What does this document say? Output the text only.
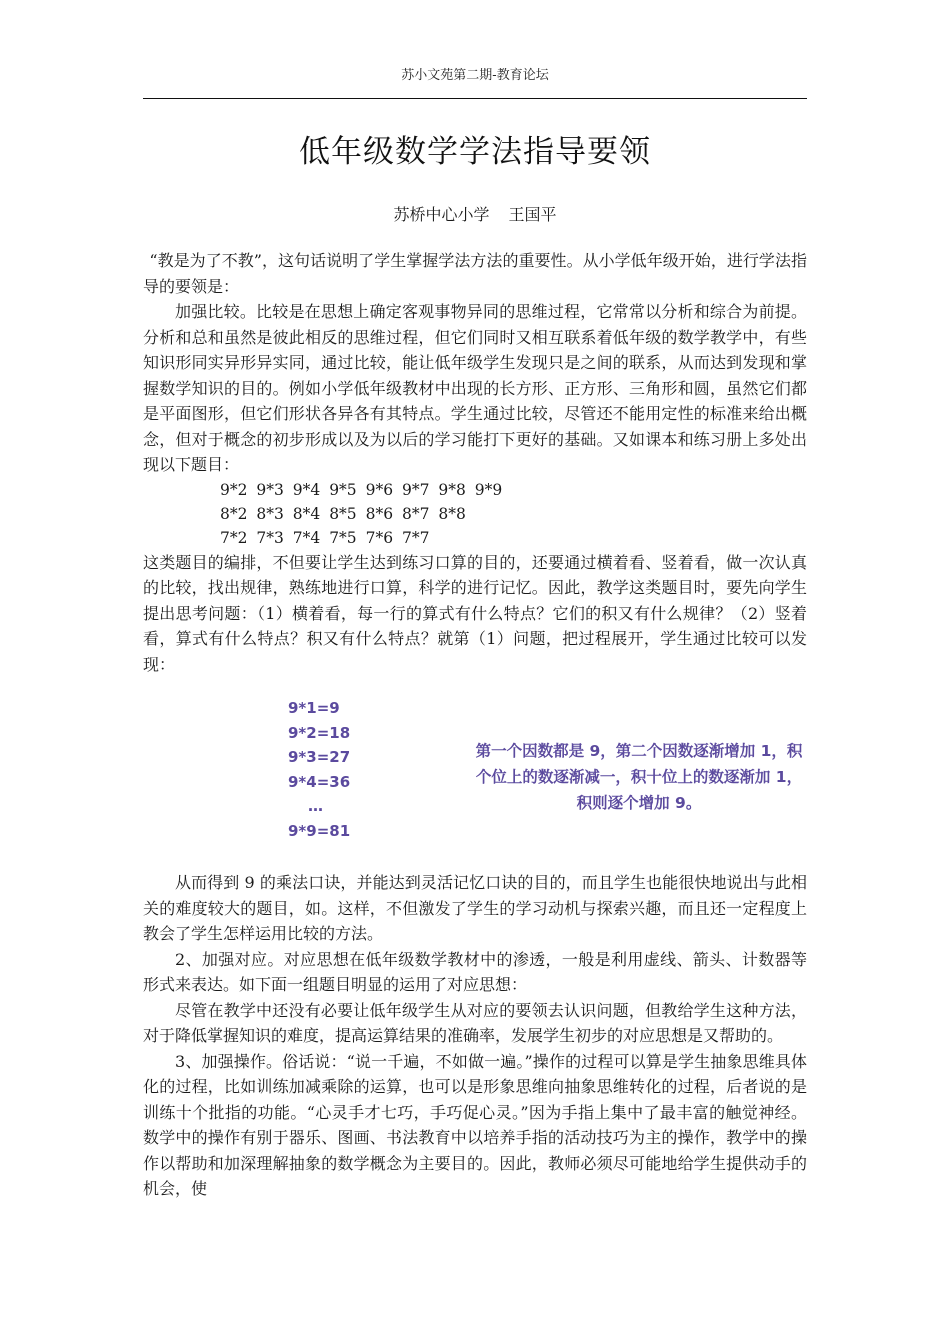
苏小文苑第二期-教育论坛
低年级数学学法指导要领
苏桥中心小学 王国平

“教是为了不教”，这句话说明了学生掌握学法方法的重要性。从小学低年级开始，进行学法指导的要领是：

加强比较。比较是在思想上确定客观事物异同的思维过程，它常常以分析和综合为前提。分析和总和虽然是彼此相反的思维过程，但它们同时又相互联系着低年级的数学教学中，有些知识形同实异形异实同，通过比较，能让低年级学生发现只是之间的联系，从而达到发现和掌握数学知识的目的。例如小学低年级教材中出现的长方形、正方形、三角形和圆，虽然它们都是平面图形，但它们形状各异各有其特点。学生通过比较，尽管还不能用定性的标准来给出概念，但对于概念的初步形成以及为以后的学习能打下更好的基础。又如课本和练习册上多处出现以下题目：

9*2 9*3 9*4 9*5 9*6 9*7 9*8 9*9
8*2 8*3 8*4 8*5 8*6 8*7 8*8
7*2 7*3 7*4 7*5 7*6 7*7

这类题目的编排，不但要让学生达到练习口算的目的，还要通过横着看、竖着看，做一次认真的比较，找出规律，熟练地进行口算，科学的进行记忆。因此，教学这类题目时，要先向学生提出思考问题：（1）横着看，每一行的算式有什么特点？它们的积又有什么规律？（2）竖着看，算式有什么特点？积又有什么特点？就第（1）问题，把过程展开，学生通过比较可以发现：

9*1=9
9*2=18
9*3=27
9*4=36
…
9*9=81
第一个因数都是 9，第二个因数逐渐增加 1，积个位上的数逐渐减一，积十位上的数逐渐加 1，积则逐个增加 9。

从而得到 9 的乘法口诀，并能达到灵活记忆口诀的目的，而且学生也能很快地说出与此相关的难度较大的题目，如。这样，不但激发了学生的学习动机与探索兴趣，而且还一定程度上教会了学生怎样运用比较的方法。

2、加强对应。对应思想在低年级数学教材中的渗透，一般是利用虚线、箭头、计数器等形式来表达。如下面一组题目明显的运用了对应思想：

尽管在教学中还没有必要让低年级学生从对应的要领去认识问题，但教给学生这种方法，对于降低掌握知识的难度，提高运算结果的准确率，发展学生初步的对应思想是又帮助的。

3、加强操作。俗话说：“说一千遍，不如做一遍。”操作的过程可以算是学生抽象思维具体化的过程，比如训练加减乘除的运算，也可以是形象思维向抽象思维转化的过程，后者说的是训练十个批指的功能。“心灵手才七巧，手巧促心灵。”因为手指上集中了最丰富的触觉神经。数学中的操作有别于器乐、图画、书法教育中以培养手指的活动技巧为主的操作，教学中的操作以帮助和加深理解抽象的数学概念为主要目的。因此，教师必须尽可能地给学生提供动手的机会，使
